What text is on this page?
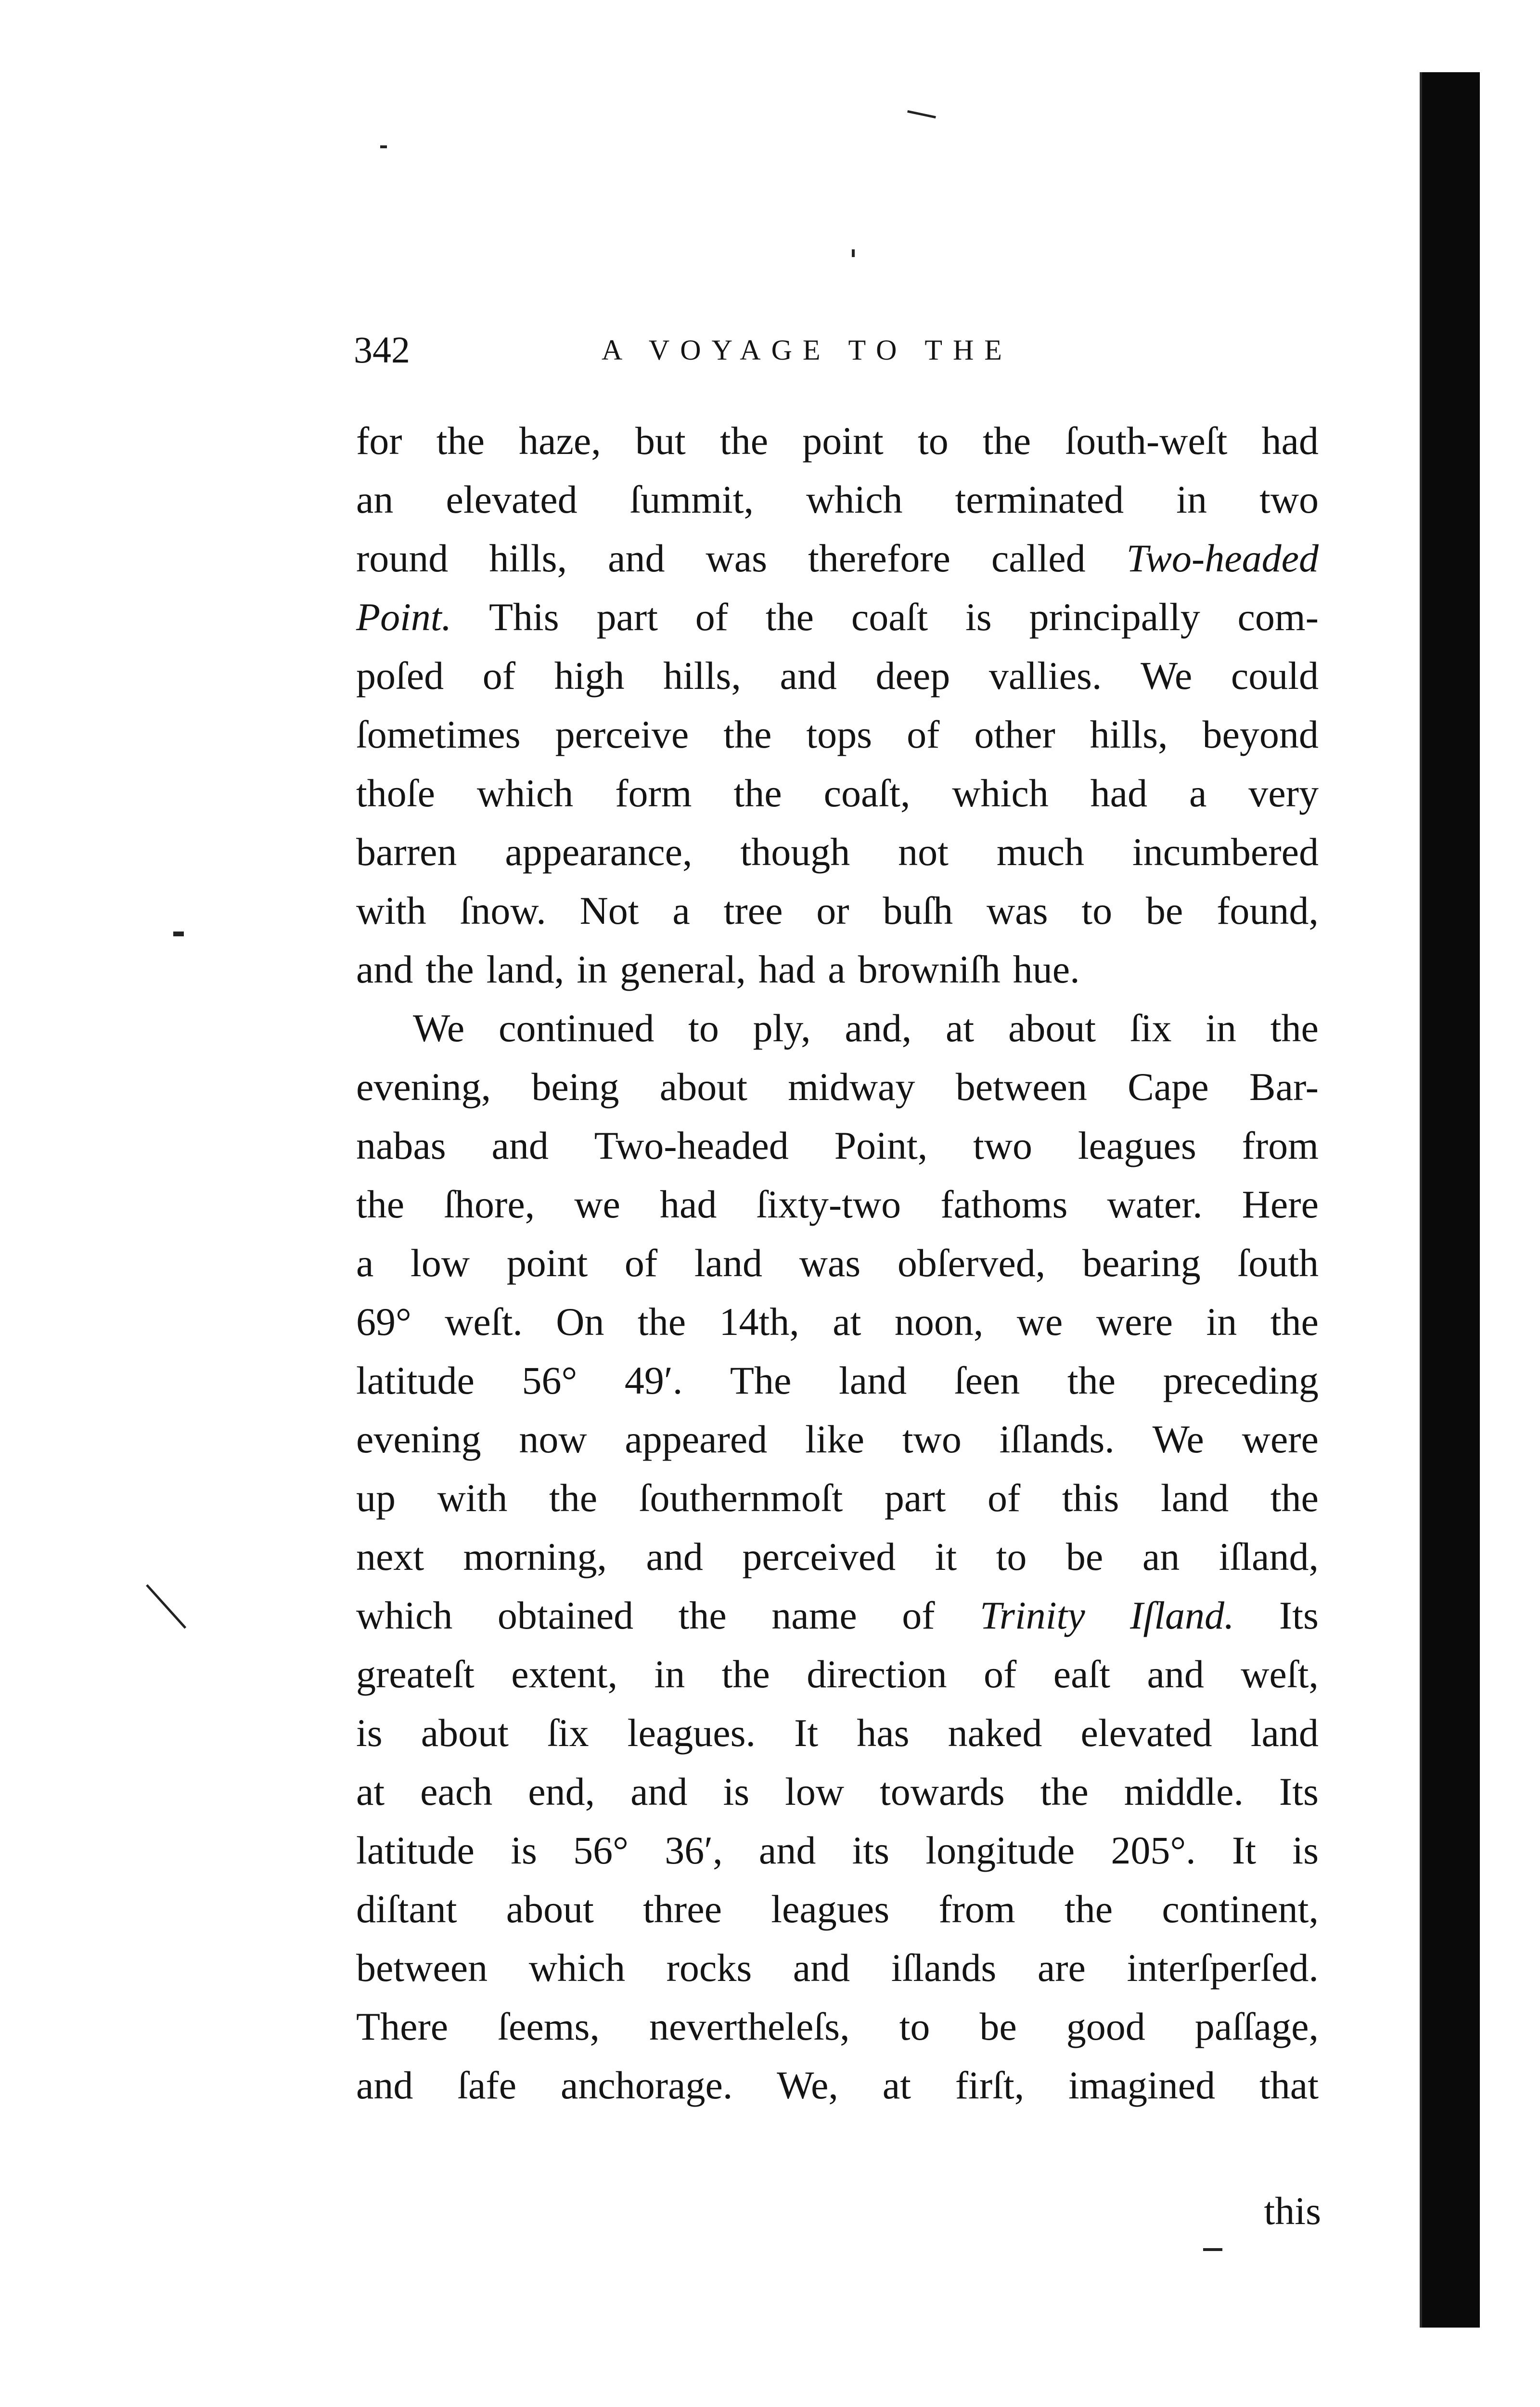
342	A VOYAGE TO THE
for the haze, but the point to the ſouth-weſt had
an elevated ſummit, which terminated in two
round hills, and was therefore called Two-headed
Point. This part of the coaſt is principally com-
poſed of high hills, and deep vallies. We could
ſometimes perceive the tops of other hills, beyond
thoſe which form the coaſt, which had a very
barren appearance, though not much incumbered
with ſnow. Not a tree or buſh was to be found,
and the land, in general, had a browniſh hue.
We continued to ply, and, at about ſix in the
evening, being about midway between Cape Bar-
nabas and Two-headed Point, two leagues from
the ſhore, we had ſixty-two fathoms water. Here
a low point of land was obſerved, bearing ſouth
69° weſt. On the 14th, at noon, we were in the
latitude 56° 49′. The land ſeen the preceding
evening now appeared like two iſlands. We were
up with the ſouthernmoſt part of this land the
next morning, and perceived it to be an iſland,
which obtained the name of Trinity Iſland. Its
greateſt extent, in the direction of eaſt and weſt,
is about ſix leagues. It has naked elevated land
at each end, and is low towards the middle. Its
latitude is 56° 36′, and its longitude 205°. It is
diſtant about three leagues from the continent,
between which rocks and iſlands are interſperſed.
There ſeems, nevertheleſs, to be good paſſage,
and ſafe anchorage. We, at firſt, imagined that
this
